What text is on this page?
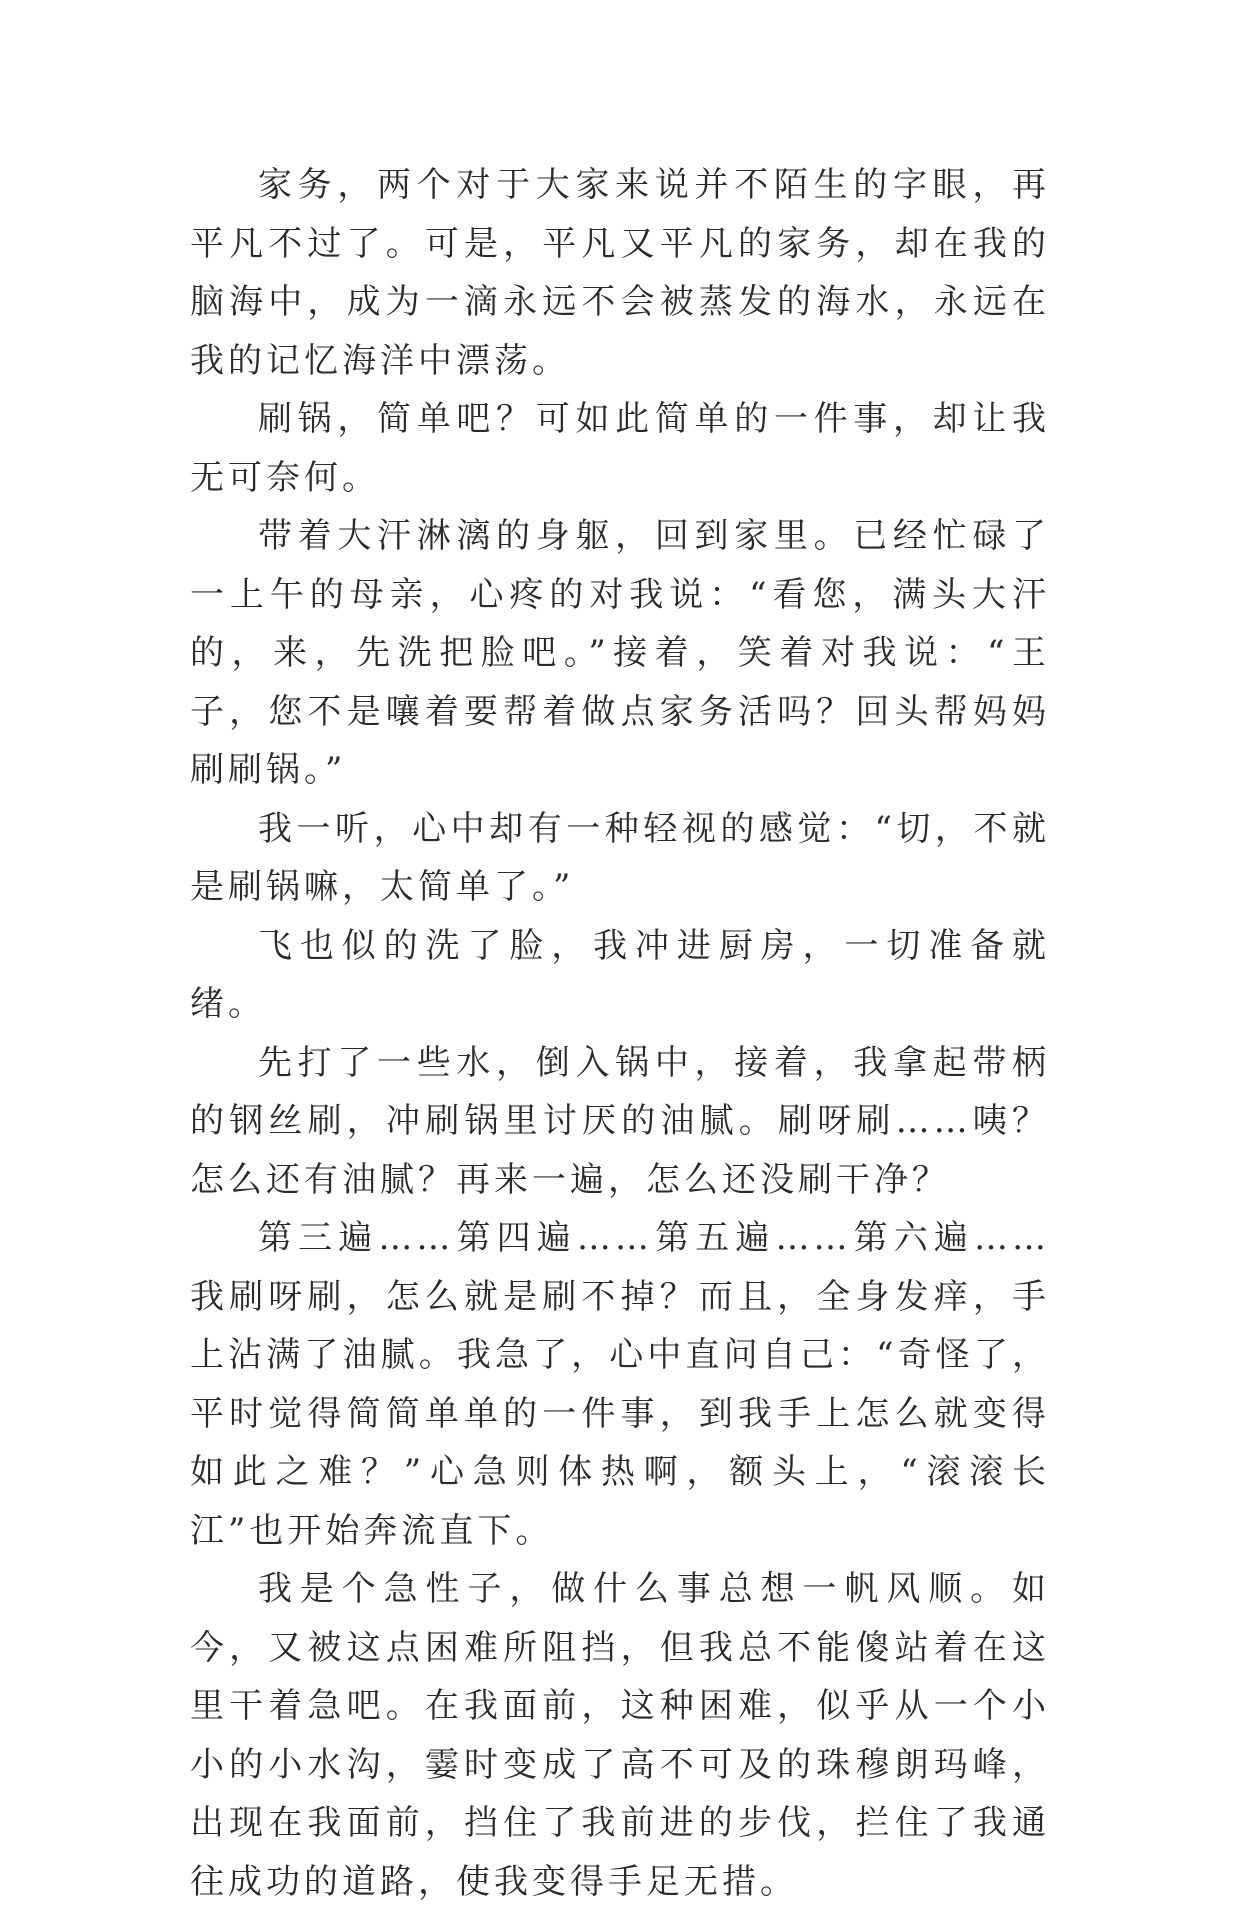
家务，两个对于大家来说并不陌生的字眼，再平凡不过了。可是，平凡又平凡的家务，却在我的脑海中，成为一滴永远不会被蒸发的海水，永远在我的记忆海洋中漂荡。

刷锅，简单吧？可如此简单的一件事，却让我无可奈何。

带着大汗淋漓的身躯，回到家里。已经忙碌了一上午的母亲，心疼的对我说：“看您，满头大汗的，来，先洗把脸吧。”接着，笑着对我说：“王子，您不是嚷着要帮着做点家务活吗？回头帮妈妈刷刷锅。”

我一听，心中却有一种轻视的感觉：“切，不就是刷锅嘛，太简单了。”

飞也似的洗了脸，我冲进厨房，一切准备就绪。

先打了一些水，倒入锅中，接着，我拿起带柄的钢丝刷，冲刷锅里讨厌的油腻。刷呀刷……咦？怎么还有油腻？再来一遍，怎么还没刷干净？

第三遍……第四遍……第五遍……第六遍……我刷呀刷，怎么就是刷不掉？而且，全身发痒，手上沾满了油腻。我急了，心中直问自己：“奇怪了，平时觉得简简单单的一件事，到我手上怎么就变得如此之难？”心急则体热啊，额头上，“滚滚长江”也开始奔流直下。

我是个急性子，做什么事总想一帆风顺。如今，又被这点困难所阻挡，但我总不能傻站着在这里干着急吧。在我面前，这种困难，似乎从一个小小的小水沟，霎时变成了高不可及的珠穆朗玛峰，出现在我面前，挡住了我前进的步伐，拦住了我通往成功的道路，使我变得手足无措。
